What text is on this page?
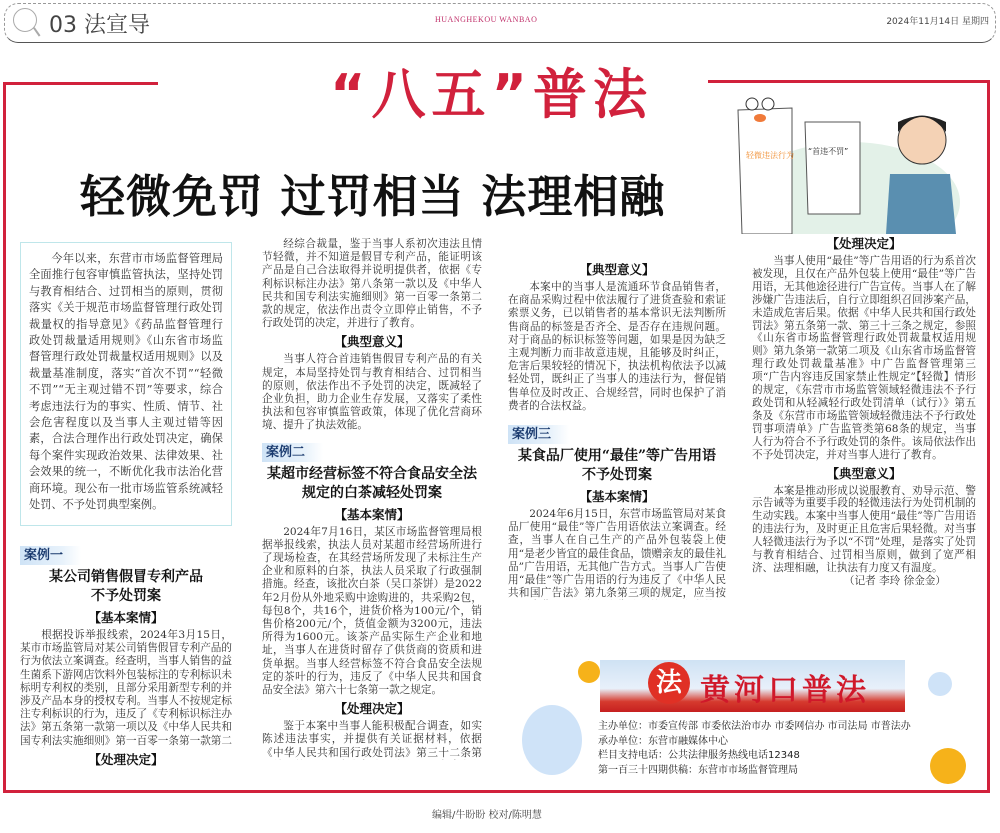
03 法宣导	HUANGHEKOU WANBAO	2024年11月14日 星期四
“八五”普法
轻微免罚 过罚相当 法理相融
轻微违法行为 “首违不罚”

今年以来，东营市市场监督管理局全面推行包容审慎监管执法，坚持处罚与教育相结合、过罚相当的原则，贯彻落实《关于规范市场监督管理行政处罚裁量权的指导意见》《药品监督管理行政处罚裁量适用规则》《山东省市场监督管理行政处罚裁量权适用规则》以及裁量基准制度，落实“首次不罚”“轻微不罚”“无主观过错不罚”等要求，综合考虑违法行为的事实、性质、情节、社会危害程度以及当事人主观过错等因素，合法合理作出行政处罚决定，确保每个案件实现政治效果、法律效果、社会效果的统一，不断优化我市法治化营商环境。现公布一批市场监管系统减轻处罚、不予处罚典型案例。

案例一
某公司销售假冒专利产品
不予处罚案
【基本案情】

根据投诉举报线索，2024年3月15日，某市市场监管局对某公司销售假冒专利产品的行为依法立案调查。经查明，当事人销售的益生菌系下游网店饮料外包装标注的专利标识未标明专利权的类别，且部分采用新型专利的并涉及产品本身的授权专利。当事人不按规定标注专利标识的行为，违反了《专利标识标注办法》第五条第一款第一项以及《中华人民共和国专利法实施细则》第一百零一条第一款第二

【处理决定】

经综合裁量，鉴于当事人系初次违法且情节轻微，并不知道是假冒专利产品，能证明该产品是自己合法取得并说明提供者，依据《专利标识标注办法》第八条第一款以及《中华人民共和国专利法实施细则》第一百零一条第二款的规定，依法作出责令立即停止销售，不予行政处罚的决定，并进行了教育。

【典型意义】

当事人符合首违销售假冒专利产品的有关规定，本局坚持处罚与教育相结合、过罚相当的原则，依法作出不予处罚的决定，既减轻了企业负担，助力企业生存发展，又落实了柔性执法和包容审慎监管政策，体现了优化营商环境、提升了执法效能。

案例二
某超市经营标签不符合食品安全法
规定的白茶减轻处罚案
【基本案情】

2024年7月16日，某区市场监督管理局根据举报线索，执法人员对某超市经营场所进行了现场检查，在其经营场所发现了未标注生产企业和原料的白茶，执法人员采取了行政强制措施。经查，该批次白茶（吴口茶饼）是2022年2月份从外地采购中途购进的，共采购2包，每包8个，共16个，进货价格为100元/个，销售价格200元/个，货值金额为3200元，违法所得为1600元。该茶产品实际生产企业和地址，当事人在进货时留存了供货商的资质和进货单据。当事人经营标签不符合食品安全法规定的茶叶的行为，违反了《中华人民共和国食品安全法》第六十七条第一款之规定。

【处理决定】

鉴于本案中当事人能积极配合调查，如实陈述违法事实，并提供有关证据材料，依据《中华人民共和国行政处罚法》第三十二条第

【典型意义】

本案中的当事人是流通环节食品销售者，在商品采购过程中依法履行了进货查验和索证索票义务，已以销售者的基本常识无法判断所售商品的标签是否齐全、是否存在违规问题。对于商品的标识标签等问题，如果是因为缺乏主观判断力而非故意违规，且能够及时纠正，危害后果较轻的情况下，执法机构依法予以减轻处罚，既纠正了当事人的违法行为，督促销售单位及时改正、合规经营，同时也保护了消费者的合法权益。

案例三
某食品厂使用“最佳”等广告用语
不予处罚案
【基本案情】

2024年6月15日，东营市场监管局对某食品厂使用“最佳”等广告用语依法立案调查。经查，当事人在自己生产的产品外包装袋上使用“是老少皆宜的最佳食品，馈赠亲友的最佳礼品”广告用语，无其他广告方式。当事人广告使用“最佳”等广告用语的行为违反了《中华人民共和国广告法》第九条第三项的规定，应当按

【处理决定】

当事人使用“最佳”等广告用语的行为系首次被发现，且仅在产品外包装上使用“最佳”等广告用语，无其他途径进行广告宣传。当事人在了解涉嫌广告违法后，自行立即组织召回涉案产品，未造成危害后果。依据《中华人民共和国行政处罚法》第五条第一款、第三十三条之规定，参照《山东省市场监督管理行政处罚裁量权适用规则》第九条第一款第二项及《山东省市场监督管理行政处罚裁量基准》中广告监督管理第三项“广告内容违反国家禁止性规定”【轻微】情形的规定，《东营市市场监管领域轻微违法不予行政处罚和从轻减轻行政处罚清单（试行）》第五条及《东营市市场监管领域轻微违法不予行政处罚事项清单》广告监管类第68条的规定，当事人行为符合不予行政处罚的条件。该局依法作出不予处罚决定，并对当事人进行了教育。

【典型意义】

本案是推动形成以说服教育、劝导示范、警示告诫等为重要手段的轻微违法行为处罚机制的生动实践。本案中当事人使用“最佳”等广告用语的违法行为，及时更正且危害后果轻微。对当事人轻微违法行为予以“不罚”处理，是落实了处罚与教育相结合、过罚相当原则，做到了宽严相济、法理相融，让执法有力度又有温度。

（记者 李玲 徐金金）
法 黄河口普法
主办单位：市委宣传部 市委依法治市办 市委网信办 市司法局 市普法办
承办单位：东营市融媒体中心
栏目支持电话：公共法律服务热线电话12348
第一百三十四期供稿：东营市市场监督管理局
编辑/牛盼盼 校对/陈明慧
